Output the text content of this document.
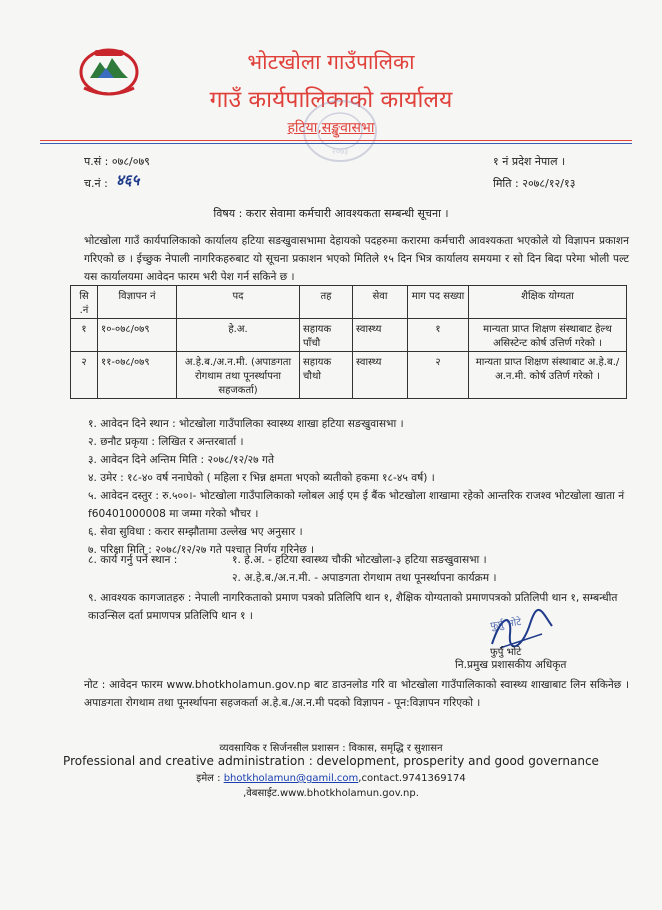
भोटखोला गाउँपालिका
गाउँ कार्यपालिकाको कार्यालय
हटिया,सङ्खुवासभा
२०७३
प.सं : ०७८/०७९
च.नं : ४६५
१ नं प्रदेश नेपाल ।
मिति : २०७८/१२/१३
विषय : करार सेवामा कर्मचारी आवश्यकता सम्बन्धी सूचना ।
भोटखोला गाउँ कार्यपालिकाको कार्यालय हटिया सङखुवासभामा देहायको पदहरुमा करारमा कर्मचारी आवश्यकता भएकोले यो विज्ञापन प्रकाशन गरिएको छ । ईच्छुक नेपाली नागरिकहरुबाट यो सूचना प्रकाशन भएको मितिले १५ दिन भित्र कार्यालय समयमा र सो दिन बिदा परेमा भोली पल्ट यस कार्यालयमा आवेदन फारम भरी पेश गर्न सकिने छ ।
सि .नं	विज्ञापन नं	पद	तह	सेवा	माग पद सख्या	शैक्षिक योग्यता
१	१०-०७८/०७९	हे.अ.	सहायक पाँचौ	स्वास्थ्य	१	मान्यता प्राप्त शिक्षण संस्थाबाट हेल्थ असिस्टेन्ट कोर्ष उत्तिर्ण गरेको ।
२	११-०७८/०७९	अ.हे.ब./अ.न.मी. (अपाङगता रोगथाम तथा पूनर्स्थापना सहजकर्ता)	सहायक चौथो	स्वास्थ्य	२	मान्यता प्राप्त शिक्षण संस्थाबाट अ.हे.ब./अ.न.मी. कोर्ष उतिर्ण गरेको ।
१. आवेदन दिने स्थान : भोटखोला गाउँपालिका स्वास्थ्य शाखा हटिया सङखुवासभा ।
२. छनौट प्रकृया : लिखित र अन्तरबार्ता ।
३. आवेदन दिने अन्तिम मिति : २०७८/१२/२७ गते
४. उमेर : १८-४० वर्ष ननाघेको ( महिला र भिन्न क्षमता भएको ब्यतीको हकमा १८-४५ वर्ष) ।
५. आवेदन दस्तुर : रु.५००।- भोटखोला गाउँपालिकाको ग्लोबल आई एम ई बैंक भोटखोला शाखामा रहेको आन्तरिक राजश्व भोटखोला खाता नं f60401000008 मा जम्मा गरेको भौचर ।
६. सेवा सुविधा : करार सम्झौतामा उल्लेख भए अनुसार ।
७. परिक्षा मिति : २०७८/१२/२७ गते पश्चात निर्णय गरिनेछ ।
८. कार्य गर्नु पर्ने स्थान :	१. हे.अ. - हटिया स्वास्थ्य चौकी भोटखोला-३ हटिया सङखुवासभा ।
२. अ.हे.ब./अ.न.मी. - अपाङगता रोगथाम तथा पूनर्स्थापना कार्यक्रम ।
९. आवश्यक कागजातहरु : नेपाली नागरिकताको प्रमाण पत्रको प्रतिलिपि थान १, शैक्षिक योग्यताको प्रमाणपत्रको प्रतिलिपी थान १, सम्बन्धीत काउन्सिल दर्ता प्रमाणपत्र प्रतिलिपि थान १ ।
फुर्पु भोटे
फुर्पु भोटे
नि.प्रमुख प्रशासकीय अधिकृत
नोट : आवेदन फारम www.bhotkholamun.gov.np बाट डाउनलोड गरि वा भोटखोला गाउँपालिकाको स्वास्थ्य शाखाबाट लिन सकिनेछ । अपाङगता रोगथाम तथा पूनर्स्थापना सहजकर्ता अ.हे.ब./अ.न.मी पदको विज्ञापन - पून:विज्ञापन गरिएको ।
व्यवसायिक र सिर्जनसील प्रशासन : विकास, समृद्धि र सुशासन
Professional and creative administration : development, prosperity and good governance
इमेल : bhotkholamun@gamil.com,contact.9741369174
,वेबसाईट.www.bhotkholamun.gov.np.
